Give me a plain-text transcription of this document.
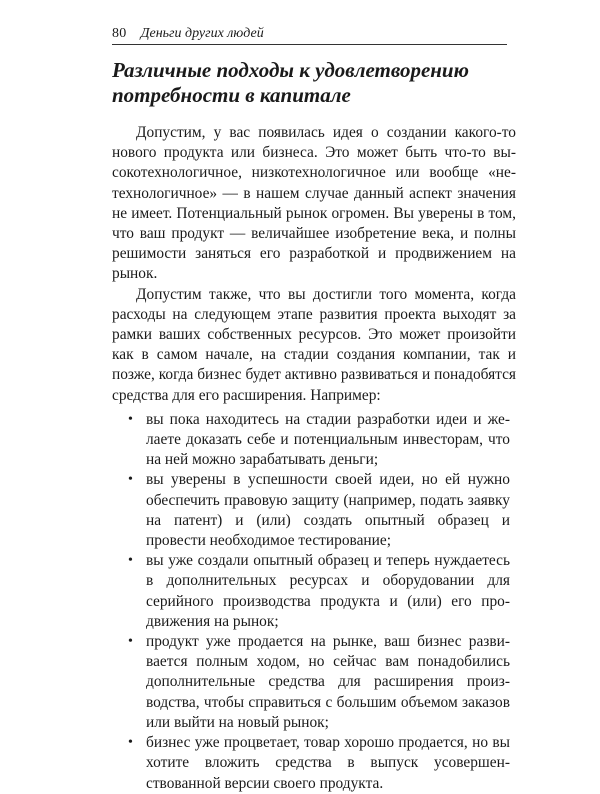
80 Деньги других людей
Различные подходы к удовлетворению потребности в капитале

Допустим, у вас появилась идея о создании какого-то нового продукта или бизнеса. Это может быть что-то высокотехнологичное, низкотехнологичное или вообще «нетехнологичное» — в нашем случае данный аспект значения не имеет. Потенциальный рынок огромен. Вы уверены в том, что ваш продукт — величайшее изобретение века, и полны решимости заняться его разработкой и продвижением на рынок.

Допустим также, что вы достигли того момента, когда расходы на следующем этапе развития проекта выходят за рамки ваших собственных ресурсов. Это может произойти как в самом начале, на стадии создания компании, так и позже, когда бизнес будет активно развиваться и понадобятся средства для его расширения. Например:

• вы пока находитесь на стадии разработки идеи и желаете доказать себе и потенциальным инвесторам, что на ней можно зарабатывать деньги;
• вы уверены в успешности своей идеи, но ей нужно обеспечить правовую защиту (например, подать заявку на патент) и (или) создать опытный образец и провести необходимое тестирование;
• вы уже создали опытный образец и теперь нуждаетесь в дополнительных ресурсах и оборудовании для серийного производства продукта и (или) его продвижения на рынок;
• продукт уже продается на рынке, ваш бизнес развивается полным ходом, но сейчас вам понадобились дополнительные средства для расширения производства, чтобы справиться с большим объемом заказов или выйти на новый рынок;
• бизнес уже процветает, товар хорошо продается, но вы хотите вложить средства в выпуск усовершенствованной версии своего продукта.
